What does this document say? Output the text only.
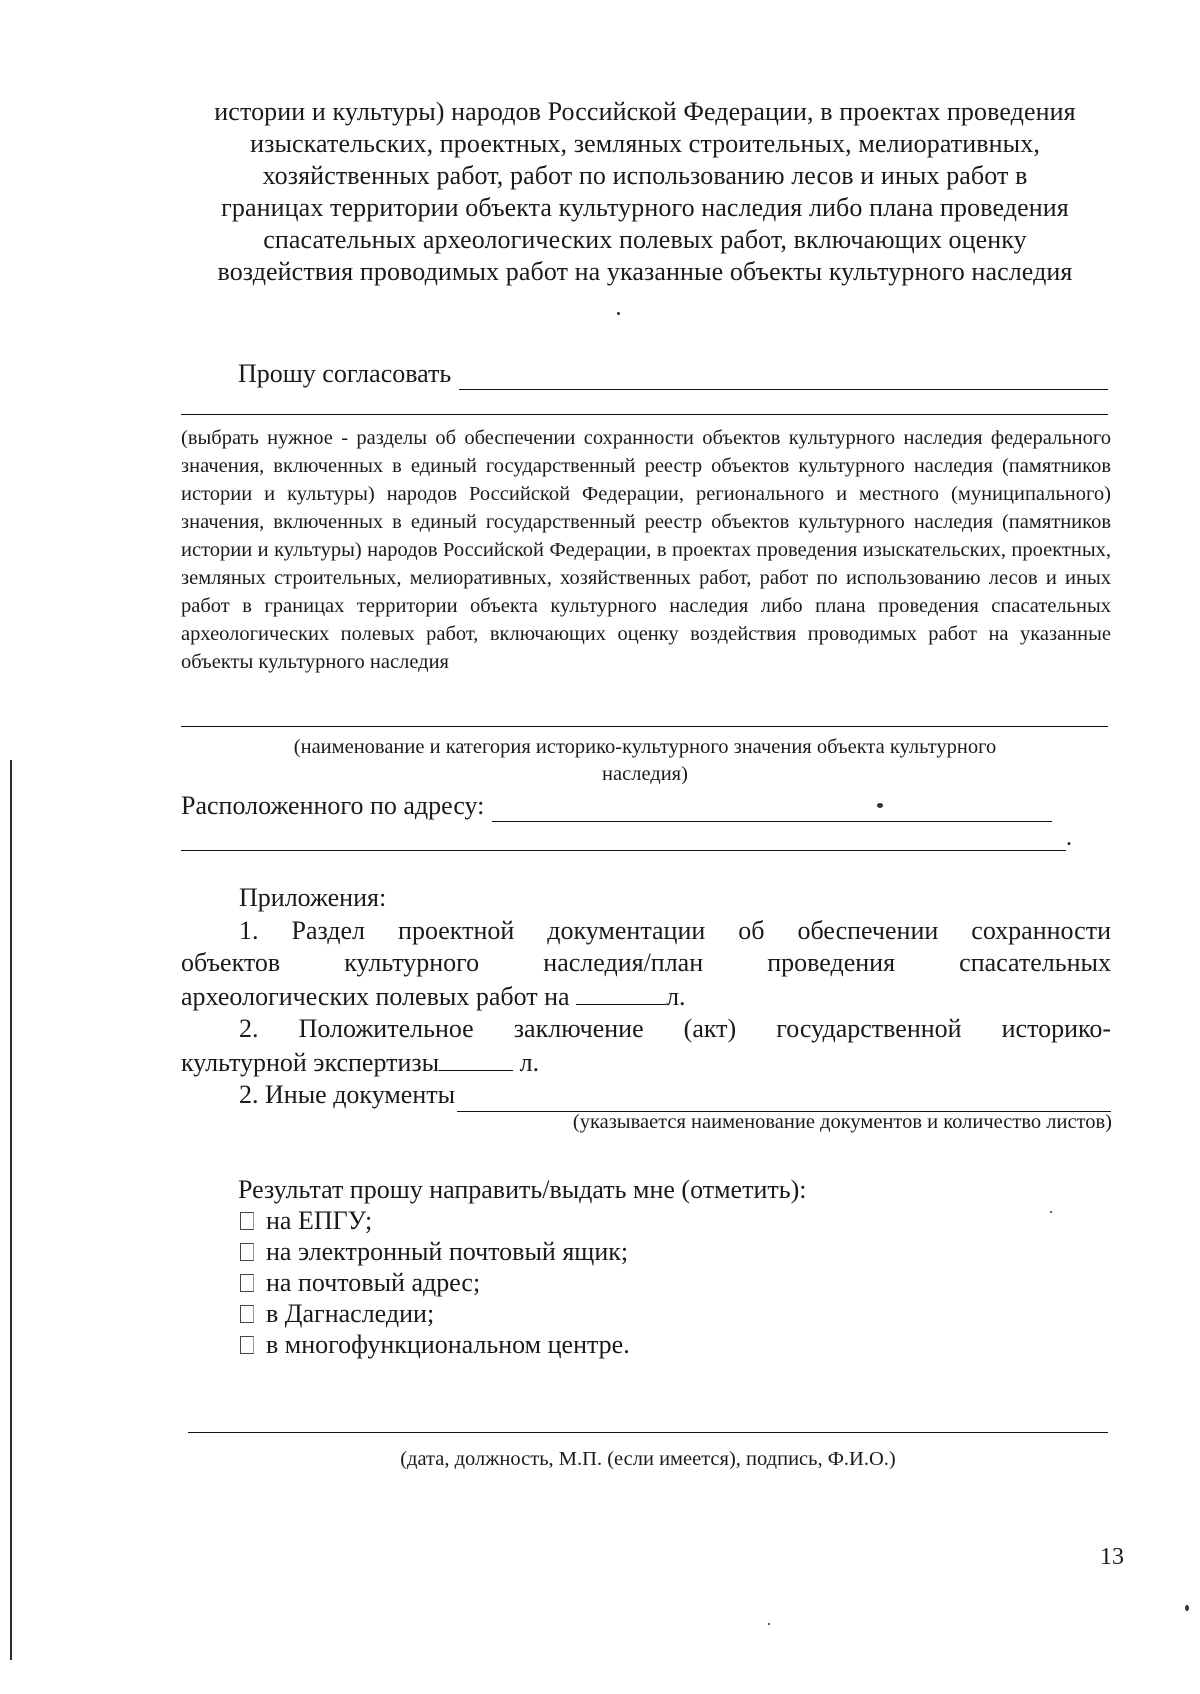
истории и культуры) народов Российской Федерации, в проектах проведения
изыскательских, проектных, земляных строительных, мелиоративных,
хозяйственных работ, работ по использованию лесов и иных работ в
границах территории объекта культурного наследия либо плана проведения
спасательных археологических полевых работ, включающих оценку
воздействия проводимых работ на указанные объекты культурного наследия
Прошу согласовать
(выбрать нужное - разделы об обеспечении сохранности объектов культурного наследия федерального значения, включенных в единый государственный реестр объектов культурного наследия (памятников истории и культуры) народов Российской Федерации, регионального и местного (муниципального) значения, включенных в единый государственный реестр объектов культурного наследия (памятников истории и культуры) народов Российской Федерации, в проектах проведения изыскательских, проектных, земляных строительных, мелиоративных, хозяйственных работ, работ по использованию лесов и иных работ в границах территории объекта культурного наследия либо плана проведения спасательных археологических полевых работ, включающих оценку воздействия проводимых работ на указанные объекты культурного наследия
(наименование и категория историко-культурного значения объекта культурного
наследия)
Расположенного по адресу:
.
Приложения:
1. Раздел проектной документации об обеспечении сохранности
объектов культурного наследия/план проведения спасательных
археологических полевых работ на	л.
2. Положительное заключение (акт) государственной историко-
культурной экспертизы	л.
2. Иные документы
(указывается наименование документов и количество листов)
Результат прошу направить/выдать мне (отметить):
на ЕПГУ;
на электронный почтовый ящик;
на почтовый адрес;
в Дагнаследии;
в многофункциональном центре.
(дата, должность, М.П. (если имеется), подпись, Ф.И.О.)
13
